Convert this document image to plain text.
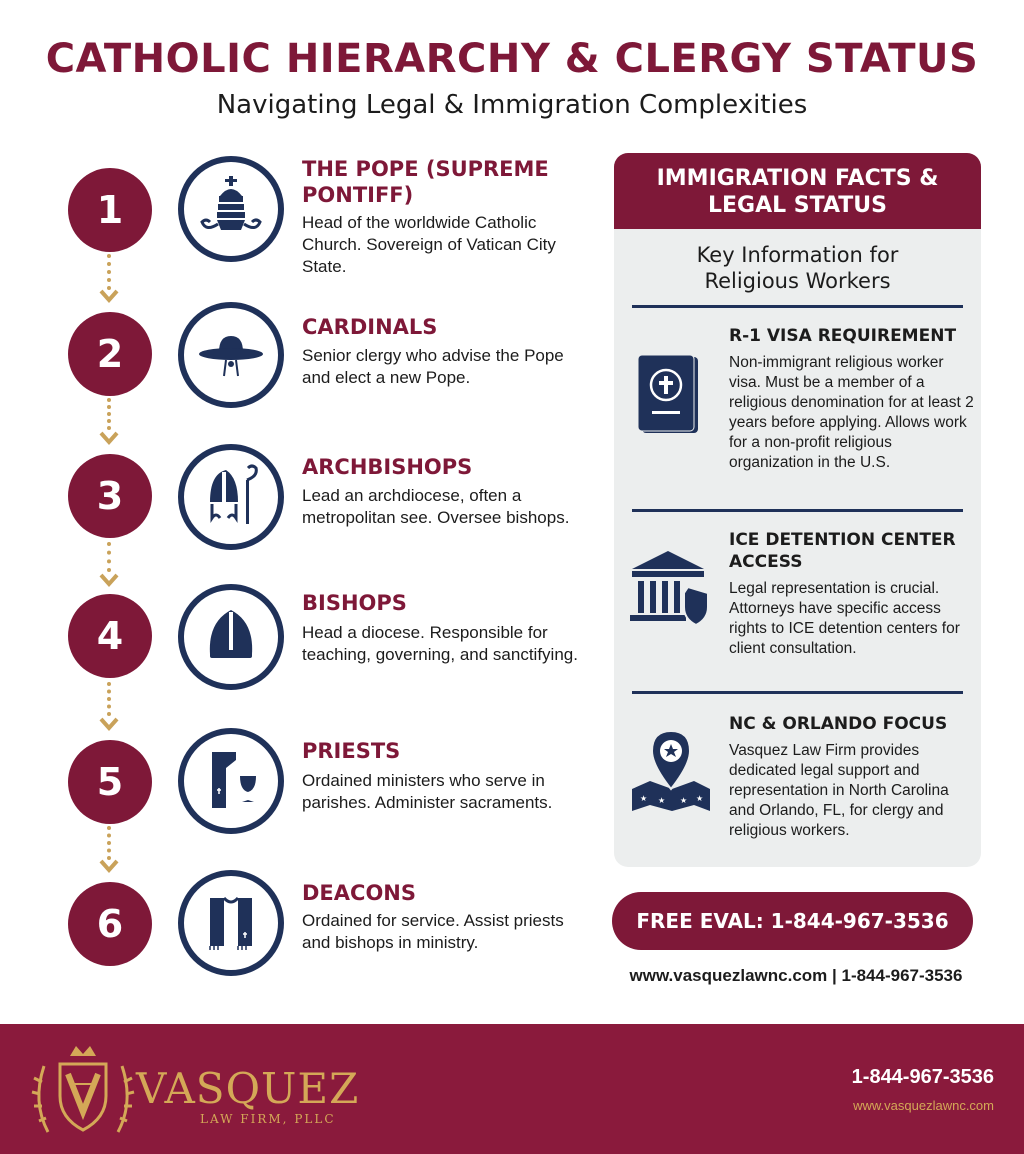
CATHOLIC HIERARCHY & CLERGY STATUS
Navigating Legal & Immigration Complexities
1
THE POPE (SUPREME PONTIFF)
Head of the worldwide Catholic Church. Sovereign of Vatican City State.
2
CARDINALS
Senior clergy who advise the Pope and elect a new Pope.
3
ARCHBISHOPS
Lead an archdiocese, often a metropolitan see. Oversee bishops.
4
BISHOPS
Head a diocese. Responsible for teaching, governing, and sanctifying.
5
PRIESTS
Ordained ministers who serve in parishes. Administer sacraments.
6
DEACONS
Ordained for service. Assist priests and bishops in ministry.
IMMIGRATION FACTS & LEGAL STATUS
Key Information for Religious Workers
R-1 VISA REQUIREMENT
Non-immigrant religious worker visa. Must be a member of a religious denomination for at least 2 years before applying. Allows work for a non-profit religious organization in the U.S.
ICE DETENTION CENTER ACCESS
Legal representation is crucial. Attorneys have specific access rights to ICE detention centers for client consultation.
★ ★ ★ ★
NC & ORLANDO FOCUS
Vasquez Law Firm provides dedicated legal support and representation in North Carolina and Orlando, FL, for clergy and religious workers.
FREE EVAL: 1-844-967-3536
www.vasquezlawnc.com | 1-844-967-3536
VASQUEZ
LAW FIRM, PLLC
1-844-967-3536
www.vasquezlawnc.com
